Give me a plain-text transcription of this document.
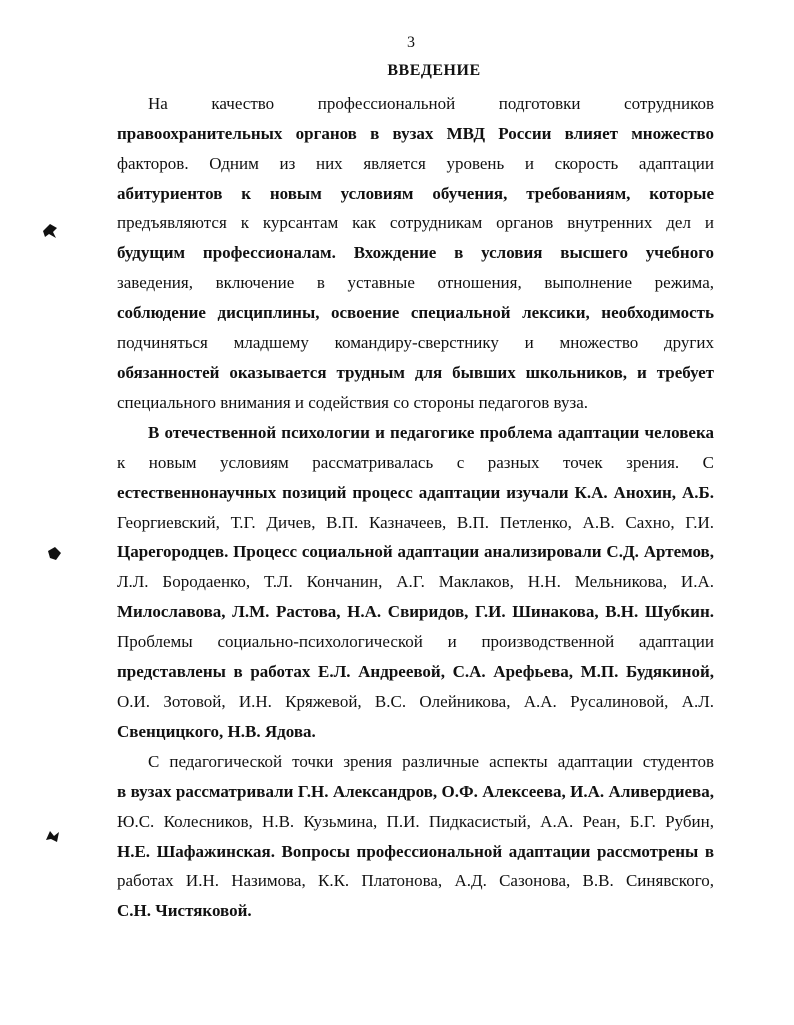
3
ВВЕДЕНИЕ
На качество профессиональной подготовки сотрудников
правоохранительных органов в вузах МВД России влияет множество
факторов. Одним из них является уровень и скорость адаптации
абитуриентов к новым условиям обучения, требованиям, которые
предъявляются к курсантам как сотрудникам органов внутренних дел и
будущим профессионалам. Вхождение в условия высшего учебного
заведения, включение в уставные отношения, выполнение режима,
соблюдение дисциплины, освоение специальной лексики, необходимость
подчиняться младшему командиру-сверстнику и множество других
обязанностей оказывается трудным для бывших школьников, и требует
специального внимания и содействия со стороны педагогов вуза.
В отечественной психологии и педагогике проблема адаптации человека
к новым условиям рассматривалась с разных точек зрения. С
естественнонаучных позиций процесс адаптации изучали К.А. Анохин, А.Б.
Георгиевский, Т.Г. Дичев, В.П. Казначеев, В.П. Петленко, А.В. Сахно, Г.И.
Царегородцев. Процесс социальной адаптации анализировали С.Д. Артемов,
Л.Л. Бородаенко, Т.Л. Кончанин, А.Г. Маклаков, Н.Н. Мельникова, И.А.
Милославова, Л.М. Растова, Н.А. Свиридов, Г.И. Шинакова, В.Н. Шубкин.
Проблемы социально-психологической и производственной адаптации
представлены в работах Е.Л. Андреевой, С.А. Арефьева, М.П. Будякиной,
О.И. Зотовой, И.Н. Кряжевой, В.С. Олейникова, А.А. Русалиновой, А.Л.
Свенцицкого, Н.В. Ядова.
С педагогической точки зрения различные аспекты адаптации студентов
в вузах рассматривали Г.Н. Александров, О.Ф. Алексеева, И.А. Аливердиева,
Ю.С. Колесников, Н.В. Кузьмина, П.И. Пидкасистый, А.А. Реан, Б.Г. Рубин,
Н.Е. Шафажинская. Вопросы профессиональной адаптации рассмотрены в
работах И.Н. Назимова, К.К. Платонова, А.Д. Сазонова, В.В. Синявского,
С.Н. Чистяковой.
